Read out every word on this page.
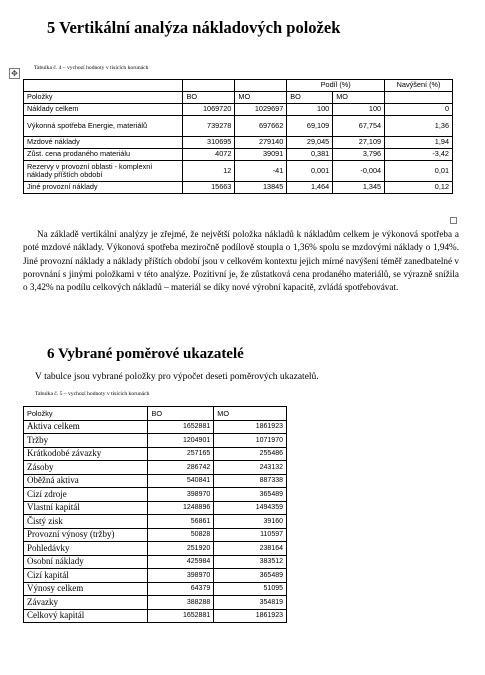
5 Vertikální analýza nákladových položek
✥
Tabulka č. 4 – vychozí hodnoty v tisících korunách
			Podíl (%)		Navýšení (%)
Položky	BO	MO	BO	MO	
Náklady celkem	1069720	1029697	100	100	0
Výkonná spotřeba Energie, materiálů	739278	697662	69,109	67,754	1,36
Mzdové náklady	310695	279140	29,045	27,109	1,94
Zůst. cena prodaného materiálu	4072	39091	0,381	3,796	-3,42
Rezervy v provozní oblasti - komplexní náklady příštích období	12	-41	0,001	-0,004	0,01
Jiné provozní náklady	15663	13845	1,464	1,345	0,12

Na základě vertikální analýzy je zřejmé, že největší položka nákladů k nákladům celkem je výkonová spotřeba a poté mzdové náklady. Výkonová spotřeba meziročně podílově stoupla o 1,36% spolu se mzdovými náklady o 1,94%. Jiné provozní náklady a náklady příštích období jsou v celkovém kontextu jejich mírné navýšení téměř zanedbatelné v porovnání s jinými položkami v této analýze. Pozitivní je, že zůstatková cena prodaného materiálů, se výrazně snížila o 3,42% na podílu celkových nákladů – materiál se díky nové výrobní kapacitě, zvládá spotřebovávat.

6 Vybrané poměrové ukazatelé
V tabulce jsou vybrané položky pro výpočet deseti poměrových ukazatelů.
Tabulka č. 5 – vychozí hodnoty v tisících korunách
Položky	BO	MO
Aktiva celkem	1652881	1861923
Tržby	1204901	1071970
Krátkodobé závazky	257165	255486
Zásoby	286742	243132
Oběžná aktiva	540841	887338
Cizí zdroje	398970	365489
Vlastní kapitál	1248896	1494359
Čistý zisk	56861	39160
Provozní výnosy (tržby)	50828	110597
Pohledávky	251920	238164
Osobní náklady	425984	383512
Cizí kapitál	398970	365489
Výnosy celkem	64379	51095
Závazky	388288	354819
Celkový kapitál	1652881	1861923
